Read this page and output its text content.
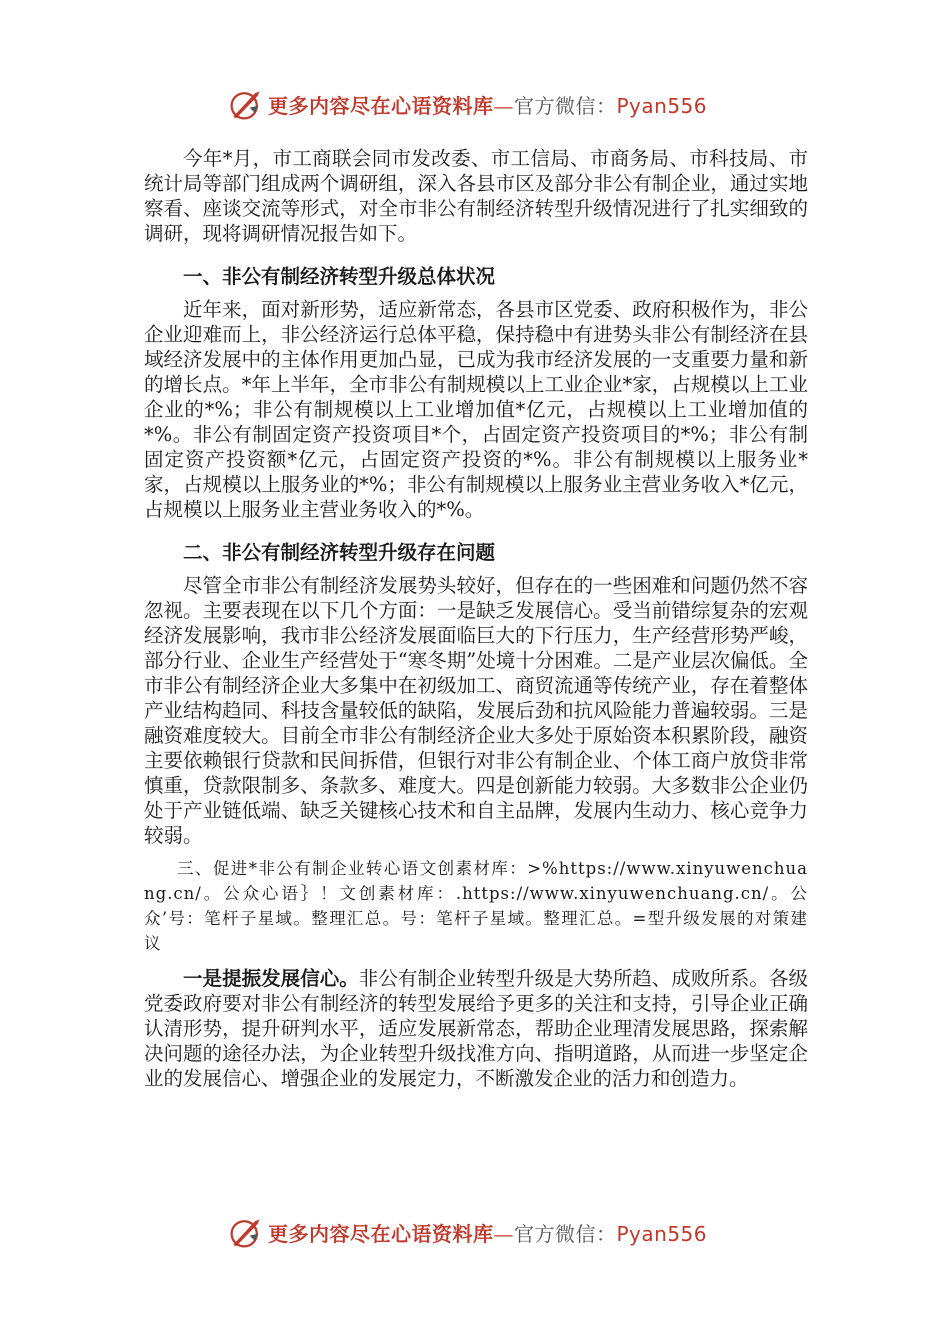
更多内容尽在心语资料库—官方微信：Pyan556

今年*月，市工商联会同市发改委、市工信局、市商务局、市科技局、市统计局等部门组成两个调研组，深入各县市区及部分非公有制企业，通过实地察看、座谈交流等形式，对全市非公有制经济转型升级情况进行了扎实细致的调研，现将调研情况报告如下。

一、非公有制经济转型升级总体状况

近年来，面对新形势，适应新常态，各县市区党委、政府积极作为，非公企业迎难而上，非公经济运行总体平稳，保持稳中有进势头非公有制经济在县域经济发展中的主体作用更加凸显，已成为我市经济发展的一支重要力量和新的增长点。*年上半年，全市非公有制规模以上工业企业*家，占规模以上工业企业的*%；非公有制规模以上工业增加值*亿元，占规模以上工业增加值的*%。非公有制固定资产投资项目*个，占固定资产投资项目的*%；非公有制固定资产投资额*亿元，占固定资产投资的*%。非公有制规模以上服务业*家，占规模以上服务业的*%；非公有制规模以上服务业主营业务收入*亿元，占规模以上服务业主营业务收入的*%。

二、非公有制经济转型升级存在问题

尽管全市非公有制经济发展势头较好，但存在的一些困难和问题仍然不容忽视。主要表现在以下几个方面：一是缺乏发展信心。受当前错综复杂的宏观经济发展影响，我市非公经济发展面临巨大的下行压力，生产经营形势严峻，部分行业、企业生产经营处于“寒冬期”处境十分困难。二是产业层次偏低。全市非公有制经济企业大多集中在初级加工、商贸流通等传统产业，存在着整体产业结构趋同、科技含量较低的缺陷，发展后劲和抗风险能力普遍较弱。三是融资难度较大。目前全市非公有制经济企业大多处于原始资本积累阶段，融资主要依赖银行贷款和民间拆借，但银行对非公有制企业、个体工商户放贷非常慎重，贷款限制多、条款多、难度大。四是创新能力较弱。大多数非公企业仍处于产业链低端、缺乏关键核心技术和自主品牌，发展内生动力、核心竞争力较弱。

三、促进*非公有制企业转心语文创素材库：>%https://www.xinyuwenchuang.cn/。公众心语｝！文创素材库：.https://www.xinyuwenchuang.cn/。公众’号：笔杆子星域。整理汇总。号：笔杆子星域。整理汇总。=型升级发展的对策建议

一是提振发展信心。非公有制企业转型升级是大势所趋、成败所系。各级党委政府要对非公有制经济的转型发展给予更多的关注和支持，引导企业正确认清形势，提升研判水平，适应发展新常态，帮助企业理清发展思路，探索解决问题的途径办法，为企业转型升级找准方向、指明道路，从而进一步坚定企业的发展信心、增强企业的发展定力，不断激发企业的活力和创造力。

更多内容尽在心语资料库—官方微信：Pyan556
